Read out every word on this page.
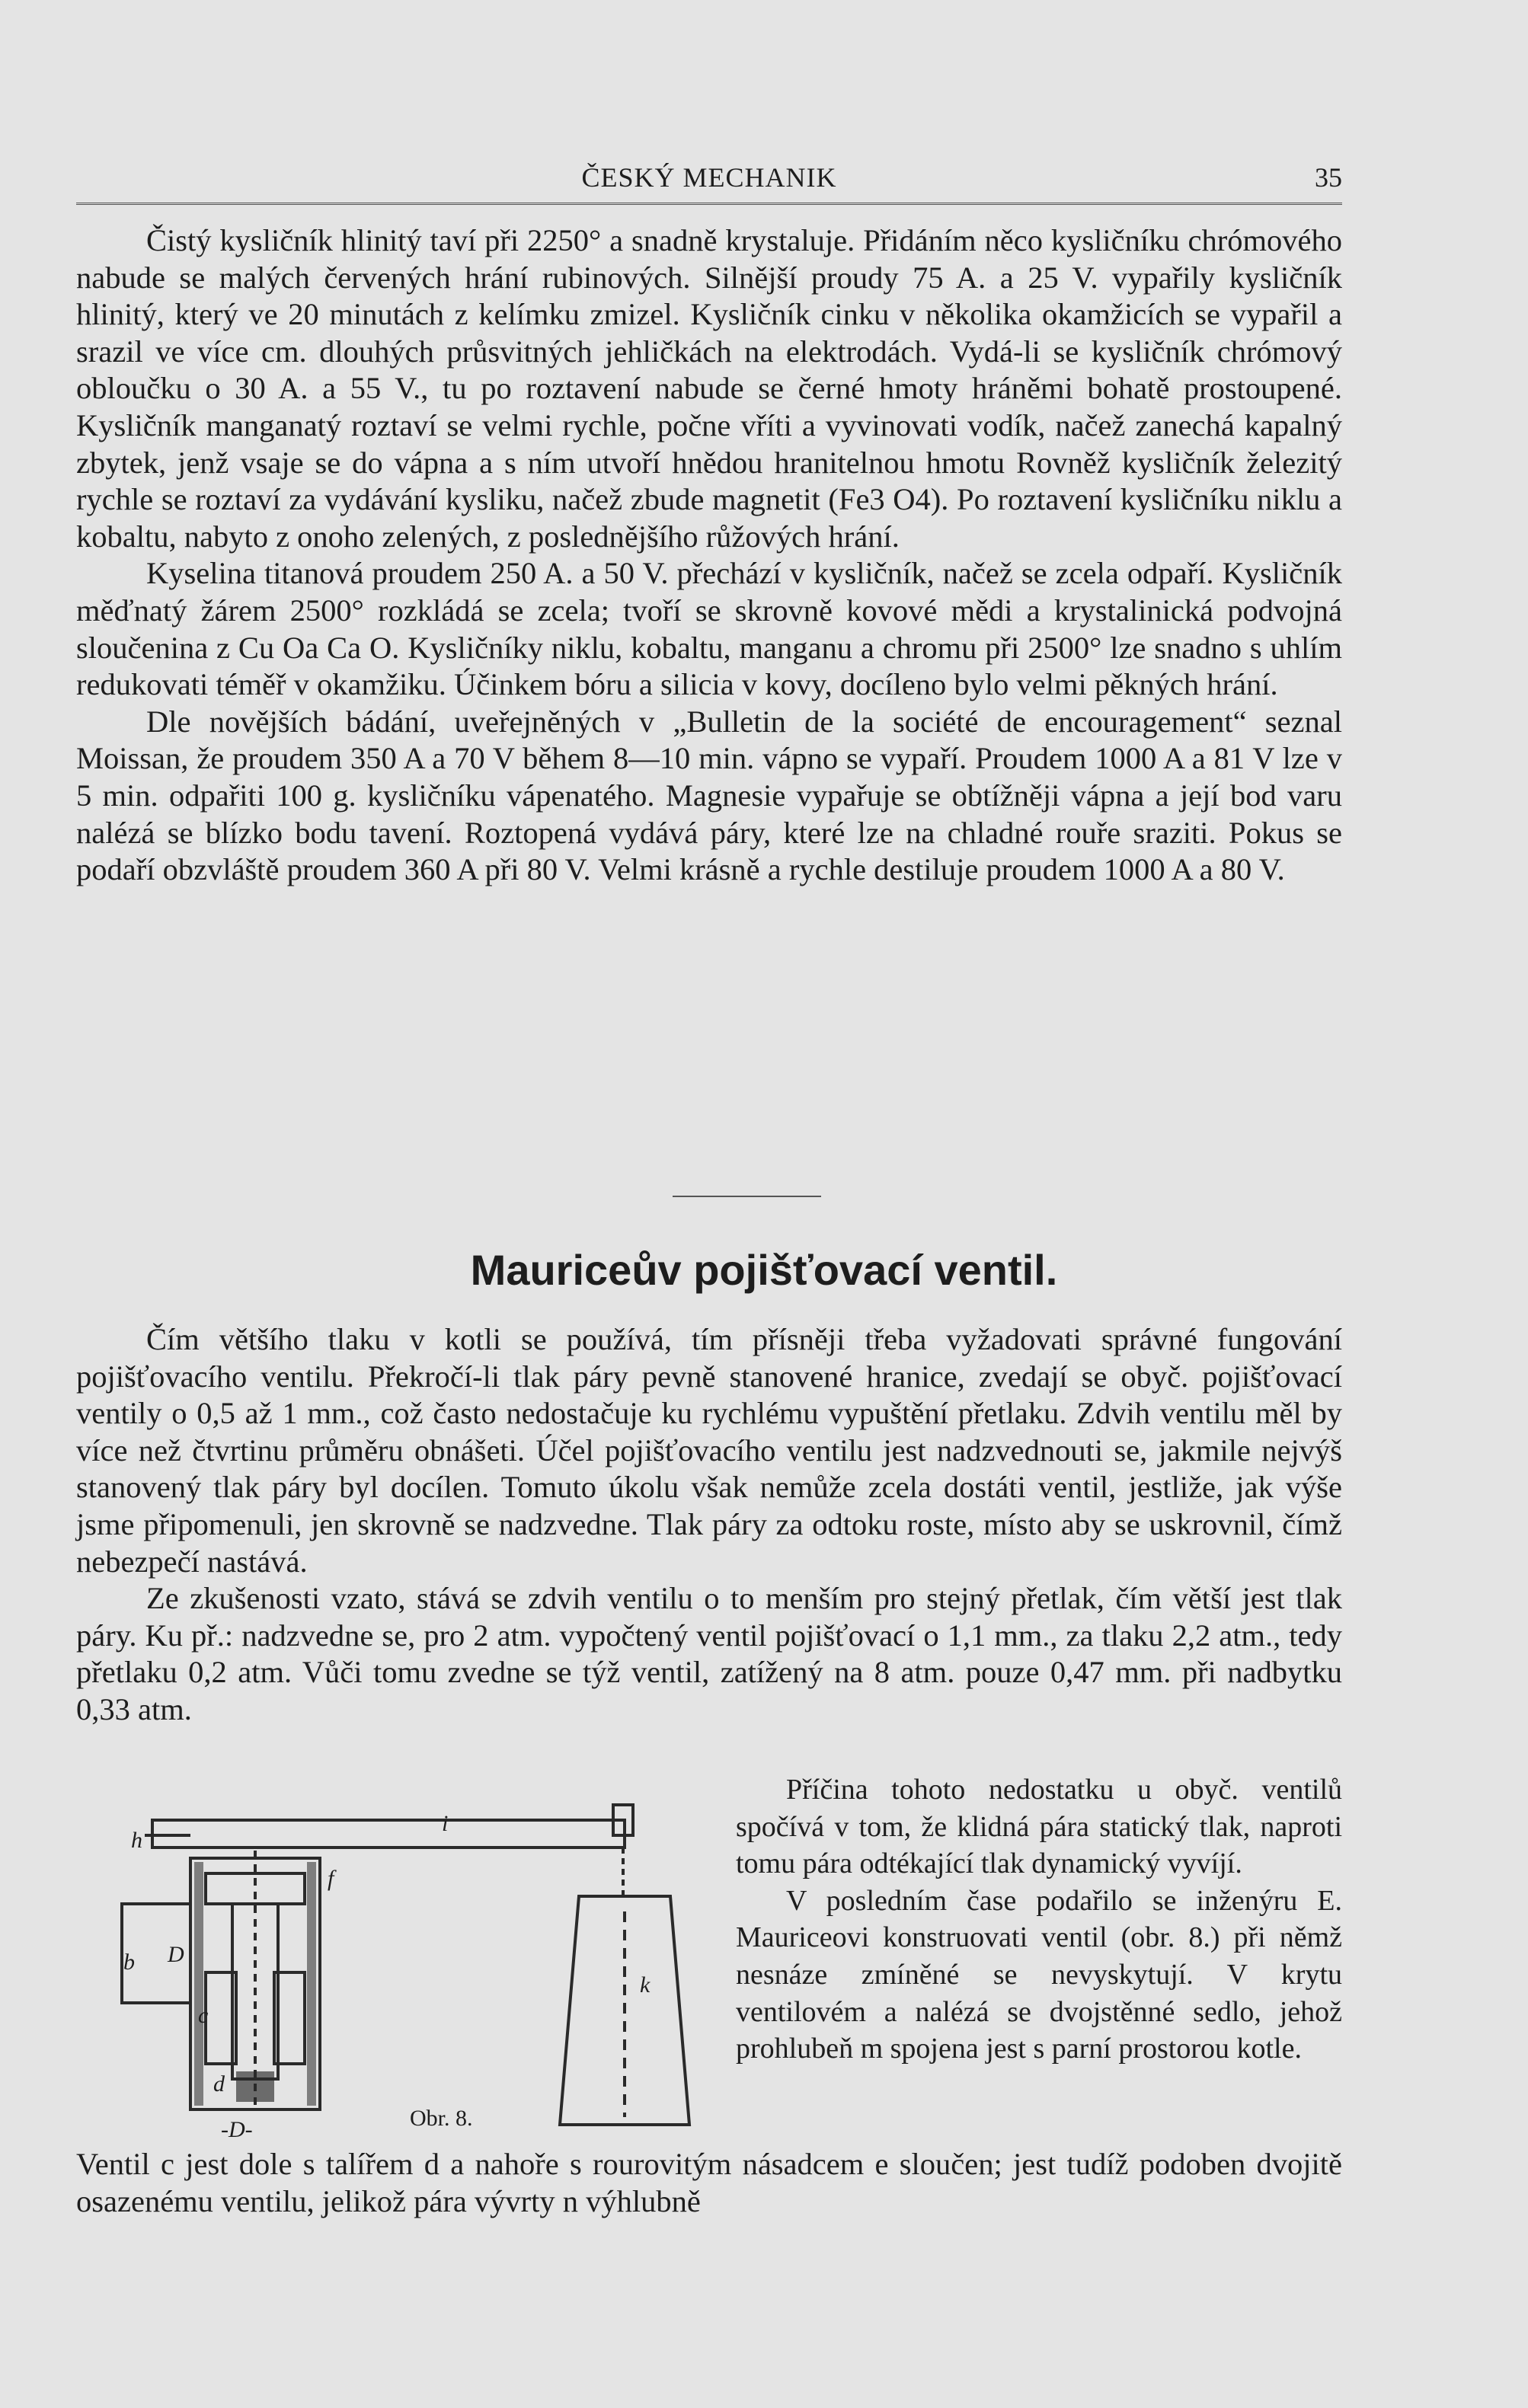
ČESKÝ MECHANIK	35

Čistý kysličník hlinitý taví při 2250° a snadně krystaluje. Přidáním něco kysličníku chrómového nabude se malých červených hrání rubinových. Silnější proudy 75 A. a 25 V. vypařily kysličník hlinitý, který ve 20 minutách z kelímku zmizel. Kysličník cinku v několika okamžicích se vypařil a srazil ve více cm. dlouhých průsvitných jehličkách na elektrodách. Vydá-li se kysličník chrómový obloučku o 30 A. a 55 V., tu po roztavení nabude se černé hmoty hráněmi bohatě prostoupené. Kysličník manganatý roztaví se velmi rychle, počne vříti a vyvinovati vodík, načež zanechá kapalný zbytek, jenž vsaje se do vápna a s ním utvoří hnědou hranitelnou hmotu Rovněž kysličník železitý rychle se roztaví za vydávání kysliku, načež zbude magnetit (Fe3 O4). Po roztavení kysličníku niklu a kobaltu, nabyto z onoho zelených, z poslednějšího růžových hrání.

Kyselina titanová proudem 250 A. a 50 V. přechází v kysličník, načež se zcela odpaří. Kysličník měďnatý žárem 2500° rozkládá se zcela; tvoří se skrovně kovové mědi a krystalinická podvojná sloučenina z Cu Oa Ca O. Kysličníky niklu, kobaltu, manganu a chromu při 2500° lze snadno s uhlím redukovati téměř v okamžiku. Účinkem bóru a silicia v kovy, docíleno bylo velmi pěkných hrání.

Dle novějších bádání, uveřejněných v „Bulletin de la société de encouragement“ seznal Moissan, že proudem 350 A a 70 V během 8—10 min. vápno se vypaří. Proudem 1000 A a 81 V lze v 5 min. odpařiti 100 g. kysličníku vápenatého. Magnesie vypařuje se obtížněji vápna a její bod varu nalézá se blízko bodu tavení. Roztopená vydává páry, které lze na chladné rouře sraziti. Pokus se podaří obzvláště proudem 360 A při 80 V. Velmi krásně a rychle destiluje proudem 1000 A a 80 V.

Mauriceův pojišťovací ventil.

Čím většího tlaku v kotli se používá, tím přísněji třeba vyžadovati správné fungování pojišťovacího ventilu. Překročí-li tlak páry pevně stanovené hranice, zvedají se obyč. pojišťovací ventily o 0,5 až 1 mm., což často nedostačuje ku rychlému vypuštění přetlaku. Zdvih ventilu měl by více než čtvrtinu průměru obnášeti. Účel pojišťovacího ventilu jest nadzvednouti se, jakmile nejvýš stanovený tlak páry byl docílen. Tomuto úkolu však nemůže zcela dostáti ventil, jestliže, jak výše jsme připomenuli, jen skrovně se nadzvedne. Tlak páry za odtoku roste, místo aby se uskrovnil, čímž nebezpečí nastává.

Ze zkušenosti vzato, stává se zdvih ventilu o to menším pro stejný přetlak, čím větší jest tlak páry. Ku př.: nadzvedne se, pro 2 atm. vypočtený ventil pojišťovací o 1,1 mm., za tlaku 2,2 atm., tedy přetlaku 0,2 atm. Vůči tomu zvedne se týž ventil, zatížený na 8 atm. pouze 0,47 mm. při nadbytku 0,33 atm.

h
i
f
k
b D
c
d
-D-	Obr. 8.

Příčina tohoto nedostatku u obyč. ventilů spočívá v tom, že klidná pára statický tlak, naproti tomu pára odtékající tlak dynamický vyvíjí.

V posledním čase podařilo se inženýru E. Mauriceovi konstruovati ventil (obr. 8.) při němž nesnáze zmíněné se nevyskytují. V krytu ventilovém a nalézá se dvojstěnné sedlo, jehož prohlubeň m spojena jest s parní prostorou kotle.

Ventil c jest dole s talířem d a nahoře s rourovitým násadcem e sloučen; jest tudíž podoben dvojitě osazenému ventilu, jelikož pára vývrty n výhlubně
